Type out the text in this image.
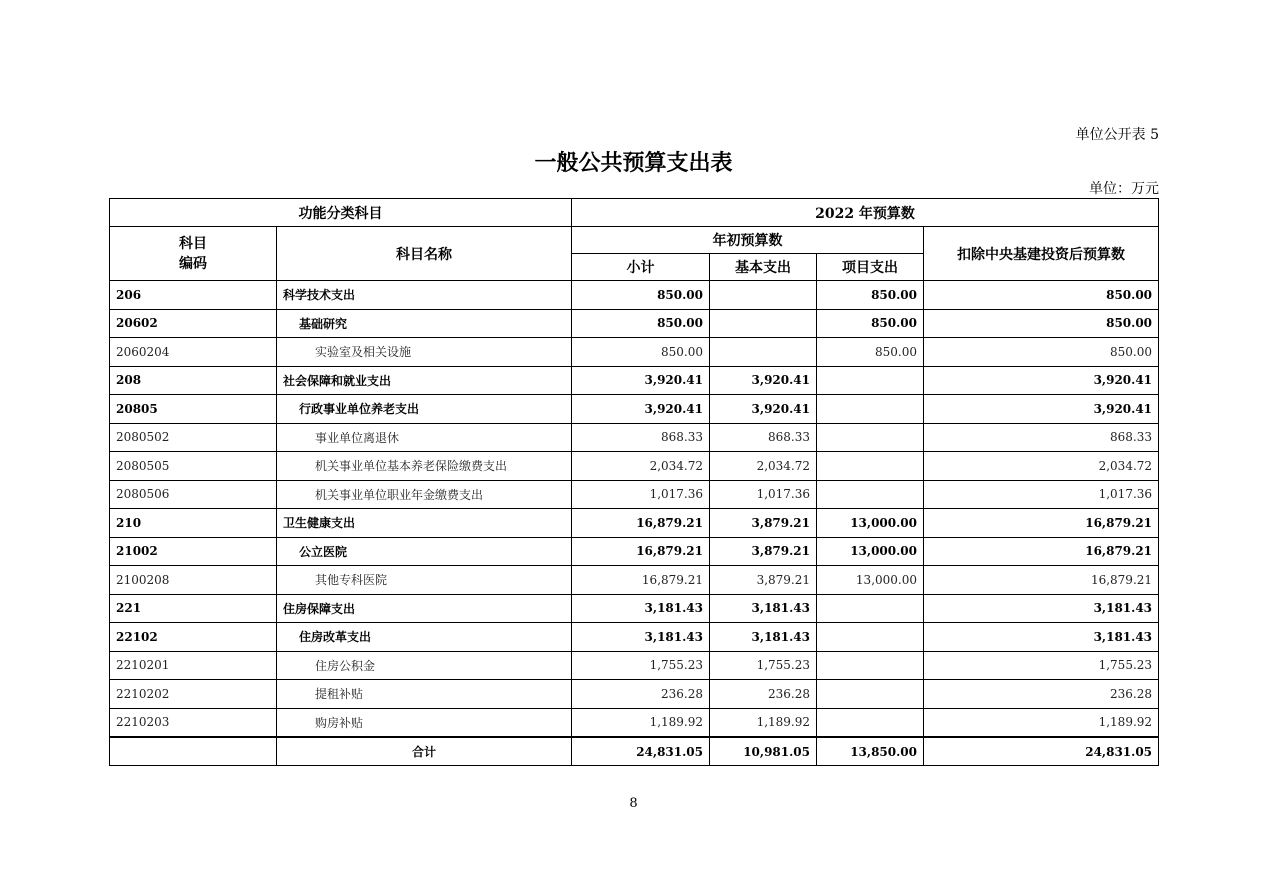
单位公开表 5
一般公共预算支出表
单位：万元
功能分类科目		2022 年预算数			
科目
编码	科目名称	年初预算数			扣除中央基建投资后预算数
		小计	基本支出	项目支出	
206	科学技术支出	850.00		850.00	850.00
20602	基础研究	850.00		850.00	850.00
2060204	实验室及相关设施	850.00		850.00	850.00
208	社会保障和就业支出	3,920.41	3,920.41		3,920.41
20805	行政事业单位养老支出	3,920.41	3,920.41		3,920.41
2080502	事业单位离退休	868.33	868.33		868.33
2080505	机关事业单位基本养老保险缴费支出	2,034.72	2,034.72		2,034.72
2080506	机关事业单位职业年金缴费支出	1,017.36	1,017.36		1,017.36
210	卫生健康支出	16,879.21	3,879.21	13,000.00	16,879.21
21002	公立医院	16,879.21	3,879.21	13,000.00	16,879.21
2100208	其他专科医院	16,879.21	3,879.21	13,000.00	16,879.21
221	住房保障支出	3,181.43	3,181.43		3,181.43
22102	住房改革支出	3,181.43	3,181.43		3,181.43
2210201	住房公积金	1,755.23	1,755.23		1,755.23
2210202	提租补贴	236.28	236.28		236.28
2210203	购房补贴	1,189.92	1,189.92		1,189.92
	合计	24,831.05	10,981.05	13,850.00	24,831.05
8
